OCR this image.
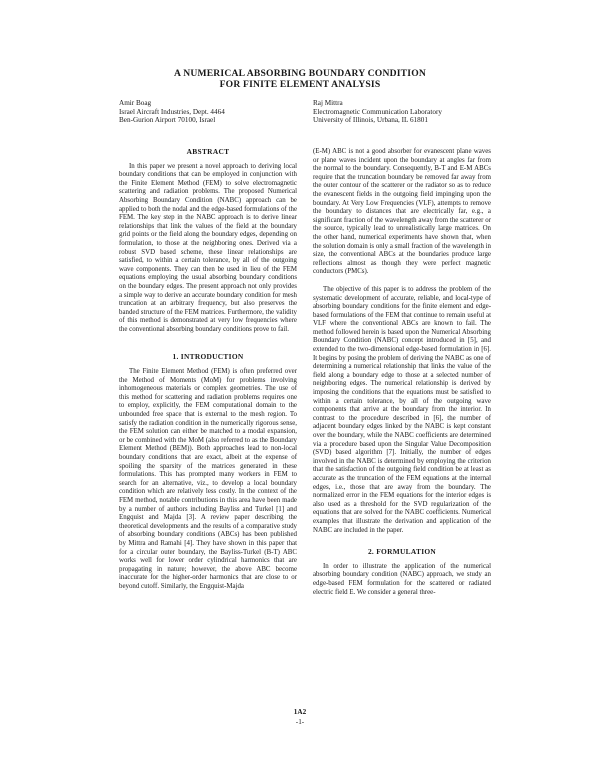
A NUMERICAL ABSORBING BOUNDARY CONDITION
FOR FINITE ELEMENT ANALYSIS
Amir Boag
Israel Aircraft Industries, Dept. 4464
Ben-Gurion Airport 70100, Israel
Raj Mittra
Electromagnetic Communication Laboratory
University of Illinois, Urbana, IL 61801
ABSTRACT

In this paper we present a novel approach to deriving local boundary conditions that can be employed in conjunction with the Finite Element Method (FEM) to solve electromagnetic scattering and radiation problems. The proposed Numerical Absorbing Boundary Condition (NABC) approach can be applied to both the nodal and the edge-based formulations of the FEM. The key step in the NABC approach is to derive linear relationships that link the values of the field at the boundary grid points or the field along the boundary edges, depending on formulation, to those at the neighboring ones. Derived via a robust SVD based scheme, these linear relationships are satisfied, to within a certain tolerance, by all of the outgoing wave components. They can then be used in lieu of the FEM equations employing the usual absorbing boundary conditions on the boundary edges. The present approach not only provides a simple way to derive an accurate boundary condition for mesh truncation at an arbitrary frequency, but also preserves the banded structure of the FEM matrices. Furthermore, the validity of this method is demonstrated at very low frequencies where the conventional absorbing boundary conditions prove to fail.

1. INTRODUCTION

The Finite Element Method (FEM) is often preferred over the Method of Moments (MoM) for problems involving inhomogeneous materials or complex geometries. The use of this method for scattering and radiation problems requires one to employ, explicitly, the FEM computational domain to the unbounded free space that is external to the mesh region. To satisfy the radiation condition in the numerically rigorous sense, the FEM solution can either be matched to a modal expansion, or be combined with the MoM (also referred to as the Boundary Element Method (BEM)). Both approaches lead to non-local boundary conditions that are exact, albeit at the expense of spoiling the sparsity of the matrices generated in these formulations. This has prompted many workers in FEM to search for an alternative, viz., to develop a local boundary condition which are relatively less costly. In the context of the FEM method, notable contributions in this area have been made by a number of authors including Bayliss and Turkel [1] and Engquist and Majda [3]. A review paper describing the theoretical developments and the results of a comparative study of absorbing boundary conditions (ABCs) has been published by Mittra and Ramahi [4]. They have shown in this paper that for a circular outer boundary, the Bayliss-Turkel (B-T) ABC works well for lower order cylindrical harmonics that are propagating in nature; however, the above ABC become inaccurate for the higher-order harmonics that are close to or beyond cutoff. Similarly, the Engquist-Majda

(E-M) ABC is not a good absorber for evanescent plane waves or plane waves incident upon the boundary at angles far from the normal to the boundary. Consequently, B-T and E-M ABCs require that the truncation boundary be removed far away from the outer contour of the scatterer or the radiator so as to reduce the evanescent fields in the outgoing field impinging upon the boundary. At Very Low Frequencies (VLF), attempts to remove the boundary to distances that are electrically far, e.g., a significant fraction of the wavelength away from the scatterer or the source, typically lead to unrealistically large matrices. On the other hand, numerical experiments have shown that, when the solution domain is only a small fraction of the wavelength in size, the conventional ABCs at the boundaries produce large reflections almost as though they were perfect magnetic conductors (PMCs).

The objective of this paper is to address the problem of the systematic development of accurate, reliable, and local-type of absorbing boundary conditions for the finite element and edge-based formulations of the FEM that continue to remain useful at VLF where the conventional ABCs are known to fail. The method followed herein is based upon the Numerical Absorbing Boundary Condition (NABC) concept introduced in [5], and extended to the two-dimensional edge-based formulation in [6]. It begins by posing the problem of deriving the NABC as one of determining a numerical relationship that links the value of the field along a boundary edge to those at a selected number of neighboring edges. The numerical relationship is derived by imposing the conditions that the equations must be satisfied to within a certain tolerance, by all of the outgoing wave components that arrive at the boundary from the interior. In contrast to the procedure described in [6], the number of adjacent boundary edges linked by the NABC is kept constant over the boundary, while the NABC coefficients are determined via a procedure based upon the Singular Value Decomposition (SVD) based algorithm [7]. Initially, the number of edges involved in the NABC is determined by employing the criterion that the satisfaction of the outgoing field condition be at least as accurate as the truncation of the FEM equations at the internal edges, i.e., those that are away from the boundary. The normalized error in the FEM equations for the interior edges is also used as a threshold for the SVD regularization of the equations that are solved for the NABC coefficients. Numerical examples that illustrate the derivation and application of the NABC are included in the paper.

2. FORMULATION

In order to illustrate the application of the numerical absorbing boundary condition (NABC) approach, we study an edge-based FEM formulation for the scattered or radiated electric field E. We consider a general three-

1A2
-1-
